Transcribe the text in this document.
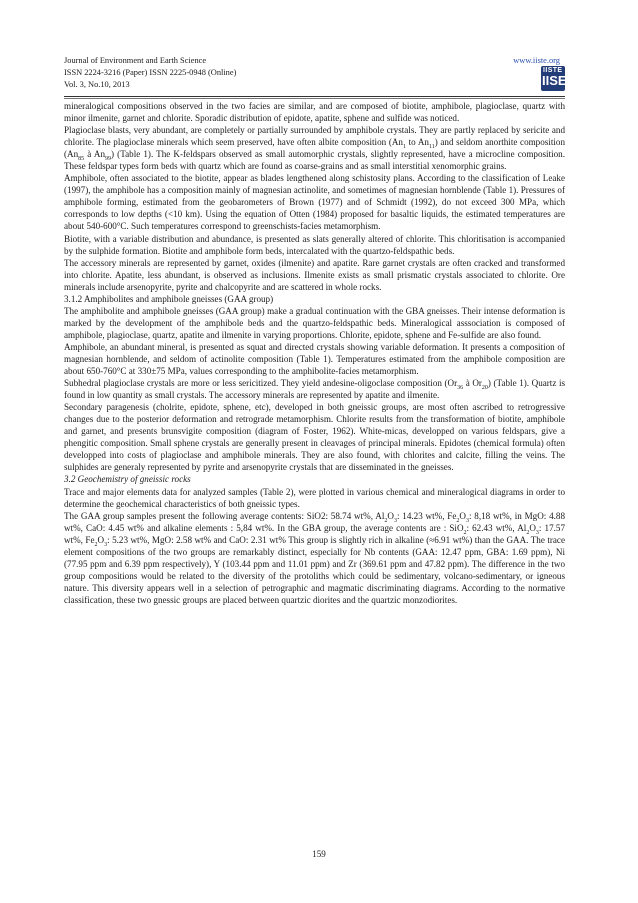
Journal of Environment and Earth Science
ISSN 2224-3216 (Paper) ISSN 2225-0948 (Online)
Vol. 3, No.10, 2013
www.iiste.org
IISTE
IISE

mineralogical compositions observed in the two facies are similar, and are composed of biotite, amphibole, plagioclase, quartz with minor ilmenite, garnet and chlorite. Sporadic distribution of epidote, apatite, sphene and sulfide was noticed.

Plagioclase blasts, very abundant, are completely or partially surrounded by amphibole crystals. They are partly replaced by sericite and chlorite. The plagioclase minerals which seem preserved, have often albite composition ($An_1$ to $An_{11}$) and seldom anorthite composition ($An_{85}$ à $An_{99}$) (Table 1). The K-feldspars observed as small automorphic crystals, slightly represented, have a microcline composition. These feldspar types form beds with quartz which are found as coarse-grains and as small interstitial xenomorphic grains.

Amphibole, often associated to the biotite, appear as blades lengthened along schistosity plans. According to the classification of Leake (1997), the amphibole has a composition mainly of magnesian actinolite, and sometimes of magnesian hornblende (Table 1). Pressures of amphibole forming, estimated from the geobarometers of Brown (1977) and of Schmidt (1992), do not exceed 300 MPa, which corresponds to low depths (<10 km). Using the equation of Otten (1984) proposed for basaltic liquids, the estimated temperatures are about 540-600°C. Such temperatures correspond to greenschists-facies metamorphism.

Biotite, with a variable distribution and abundance, is presented as slats generally altered of chlorite. This chloritisation is accompanied by the sulphide formation. Biotite and amphibole form beds, intercalated with the quartzo-feldspathic beds.

The accessory minerals are represented by garnet, oxides (ilmenite) and apatite. Rare garnet crystals are often cracked and transformed into chlorite. Apatite, less abundant, is observed as inclusions. Ilmenite exists as small prismatic crystals associated to chlorite. Ore minerals include arsenopyrite, pyrite and chalcopyrite and are scattered in whole rocks.

3.1.2 Amphibolites and amphibole gneisses (GAA group)

The amphibolite and amphibole gneisses (GAA group) make a gradual continuation with the GBA gneisses. Their intense deformation is marked by the development of the amphibole beds and the quartzo-feldspathic beds. Mineralogical asssociation is composed of amphibole, plagioclase, quartz, apatite and ilmenite in varying proportions. Chlorite, epidote, sphene and Fe-sulfide are also found.

Amphibole, an abundant mineral, is presented as squat and directed crystals showing variable deformation. It presents a composition of magnesian hornblende, and seldom of actinolite composition (Table 1). Temperatures estimated from the amphibole composition are about 650-760°C at 330±75 MPa, values corresponding to the amphibolite-facies metamorphism.

Subhedral plagioclase crystals are more or less sericitized. They yield andesine-oligoclase composition ($Or_{36}$ à $Or_{20}$) (Table 1). Quartz is found in low quantity as small crystals. The accessory minerals are represented by apatite and ilmenite.

Secondary paragenesis (cholrite, epidote, sphene, etc), developed in both gneissic groups, are most often ascribed to retrogressive changes due to the posterior deformation and retrograde metamorphism. Chlorite results from the transformation of biotite, amphibole and garnet, and presents brunsvigite composition (diagram of Foster, 1962). White-micas, developped on various feldspars, give a phengitic composition. Small sphene crystals are generally present in cleavages of principal minerals. Epidotes (chemical formula) often developped into costs of plagioclase and amphibole minerals. They are also found, with chlorites and calcite, filling the veins. The sulphides are generaly represented by pyrite and arsenopyrite crystals that are disseminated in the gneisses.

3.2 Geochemistry of gneissic rocks

Trace and major elements data for analyzed samples (Table 2), were plotted in various chemical and mineralogical diagrams in order to determine the geochemical characteristics of both gneissic types.

The GAA group samples present the following average contents: SiO2: 58.74 wt%, $Al_2O_3$: 14.23 wt%, $Fe_2O_3$: 8,18 wt%, in MgO: 4.88 wt%, CaO: 4.45 wt% and alkaline elements : 5,84 wt%. In the GBA group, the average contents are : SiO$_2$: 62.43 wt%, $Al_2O_3$: 17.57 wt%, $Fe_2O_3$: 5.23 wt%, MgO: 2.58 wt% and CaO: 2.31 wt% This group is slightly rich in alkaline (≈6.91 wt%) than the GAA. The trace element compositions of the two groups are remarkably distinct, especially for Nb contents (GAA: 12.47 ppm, GBA: 1.69 ppm), Ni (77.95 ppm and 6.39 ppm respectively), Y (103.44 ppm and 11.01 ppm) and Zr (369.61 ppm and 47.82 ppm). The difference in the two group compositions would be related to the diversity of the protoliths which could be sedimentary, volcano-sedimentary, or igneous nature. This diversity appears well in a selection of petrographic and magmatic discriminating diagrams. According to the normative classification, these two gnessic groups are placed between quartzic diorites and the quartzic monzodiorites.

159
